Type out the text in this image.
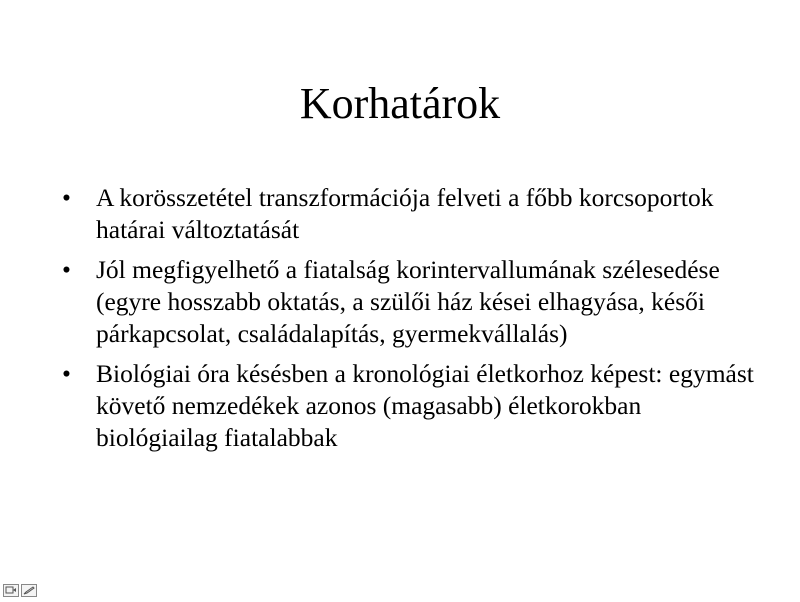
Korhatárok
• A korösszetétel transzformációja felveti a főbb korcsoportok határai változtatását
• Jól megfigyelhető a fiatalság korintervallumának szélesedése (egyre hosszabb oktatás, a szülői ház kései elhagyása, késői párkapcsolat, családalapítás, gyermekvállalás)
• Biológiai óra késésben a kronológiai életkorhoz képest: egymást követő nemzedékek azonos (magasabb) életkorokban biológiailag fiatalabbak
